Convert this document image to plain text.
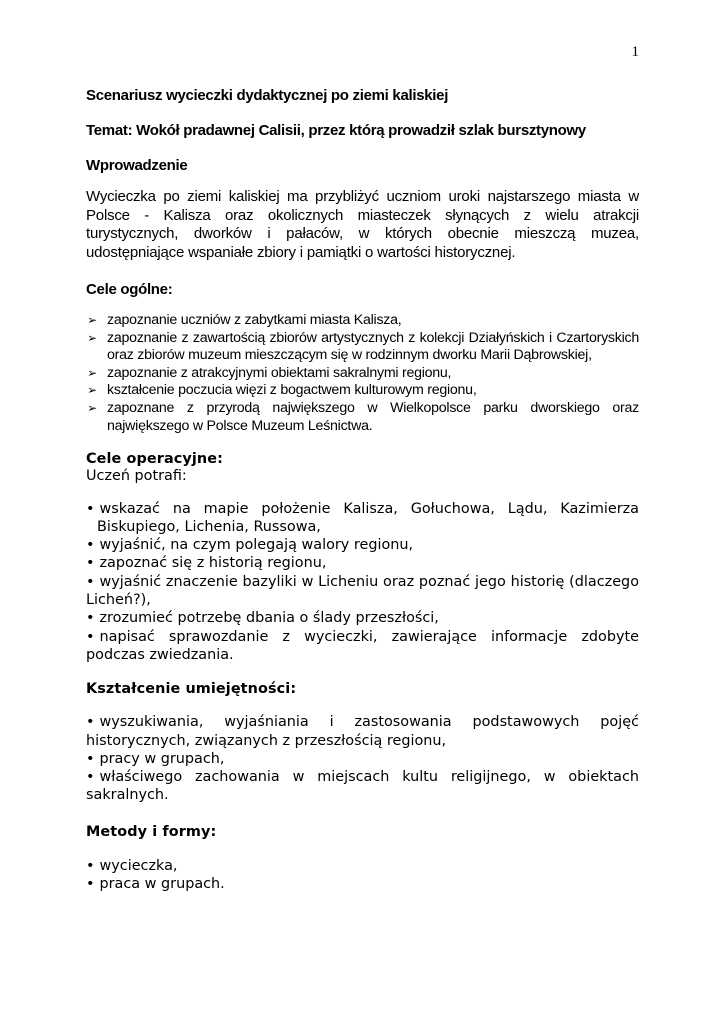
1
Scenariusz wycieczki dydaktycznej po ziemi kaliskiej
Temat: Wokół pradawnej Calisii, przez którą prowadził szlak bursztynowy
Wprowadzenie

Wycieczka po ziemi kaliskiej ma przybliżyć uczniom uroki najstarszego miasta w Polsce - Kalisza oraz okolicznych miasteczek słynących z wielu atrakcji turystycznych, dworków i pałaców, w których obecnie mieszczą muzea, udostępniające wspaniałe zbiory i pamiątki o wartości historycznej.

Cele ogólne:
➢ zapoznanie uczniów z zabytkami miasta Kalisza,
➢ zapoznanie z zawartością zbiorów artystycznych z kolekcji Działyńskich i Czartoryskich oraz zbiorów muzeum mieszczącym się w rodzinnym dworku Marii Dąbrowskiej,
➢ zapoznanie z atrakcyjnymi obiektami sakralnymi regionu,
➢ kształcenie poczucia więzi z bogactwem kulturowym regionu,
➢ zapoznane z przyrodą największego w Wielkopolsce parku dworskiego oraz największego w Polsce Muzeum Leśnictwa.
Cele operacyjne:

Uczeń potrafi:

• wskazać na mapie położenie Kalisza, Gołuchowa, Lądu, Kazimierza Biskupiego, Lichenia, Russowa,
• wyjaśnić, na czym polegają walory regionu,
• zapoznać się z historią regionu,
• wyjaśnić znaczenie bazyliki w Licheniu oraz poznać jego historię (dlaczego Licheń?),
• zrozumieć potrzebę dbania o ślady przeszłości,
• napisać sprawozdanie z wycieczki, zawierające informacje zdobyte podczas zwiedzania.
Kształcenie umiejętności:
• wyszukiwania, wyjaśniania i zastosowania podstawowych pojęć historycznych, związanych z przeszłością regionu,
• pracy w grupach,
• właściwego zachowania w miejscach kultu religijnego, w obiektach sakralnych.
Metody i formy:
• wycieczka,
• praca w grupach.
